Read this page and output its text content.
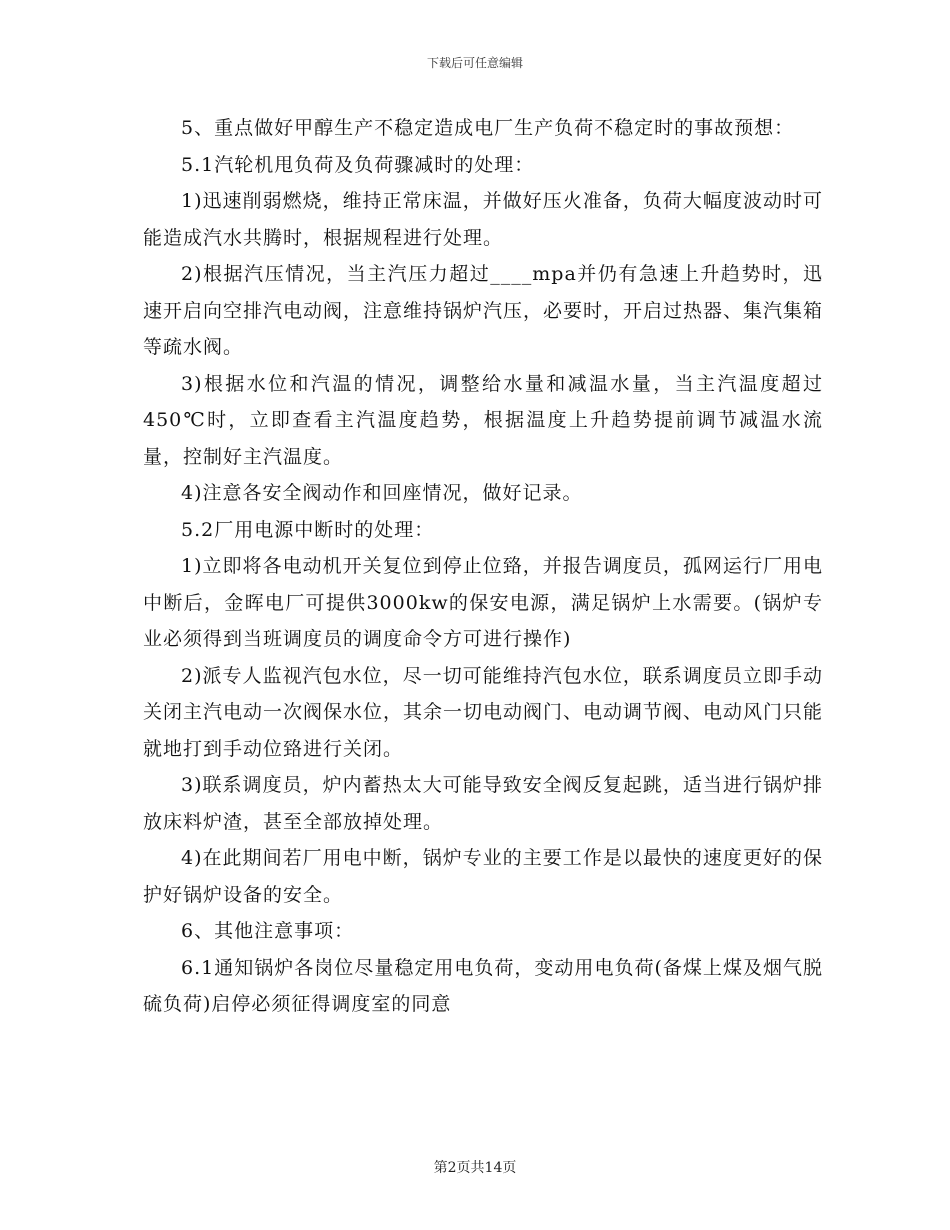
下载后可任意编辑

5、重点做好甲醇生产不稳定造成电厂生产负荷不稳定时的事故预想：

5.1汽轮机甩负荷及负荷骤减时的处理：

1)迅速削弱燃烧，维持正常床温，并做好压火准备，负荷大幅度波动时可能造成汽水共腾时，根据规程进行处理。

2)根据汽压情况，当主汽压力超过____mpa并仍有急速上升趋势时，迅速开启向空排汽电动阀，注意维持锅炉汽压，必要时，开启过热器、集汽集箱等疏水阀。

3)根据水位和汽温的情况，调整给水量和减温水量，当主汽温度超过450℃时，立即查看主汽温度趋势，根据温度上升趋势提前调节减温水流量，控制好主汽温度。

4)注意各安全阀动作和回座情况，做好记录。

5.2厂用电源中断时的处理：

1)立即将各电动机开关复位到停止位臵，并报告调度员，孤网运行厂用电中断后，金晖电厂可提供3000kw的保安电源，满足锅炉上水需要。(锅炉专业必须得到当班调度员的调度命令方可进行操作)

2)派专人监视汽包水位，尽一切可能维持汽包水位，联系调度员立即手动关闭主汽电动一次阀保水位，其余一切电动阀门、电动调节阀、电动风门只能就地打到手动位臵进行关闭。

3)联系调度员，炉内蓄热太大可能导致安全阀反复起跳，适当进行锅炉排放床料炉渣，甚至全部放掉处理。

4)在此期间若厂用电中断，锅炉专业的主要工作是以最快的速度更好的保护好锅炉设备的安全。

6、其他注意事项：

6.1通知锅炉各岗位尽量稳定用电负荷，变动用电负荷(备煤上煤及烟气脱硫负荷)启停必须征得调度室的同意

第2页共14页
